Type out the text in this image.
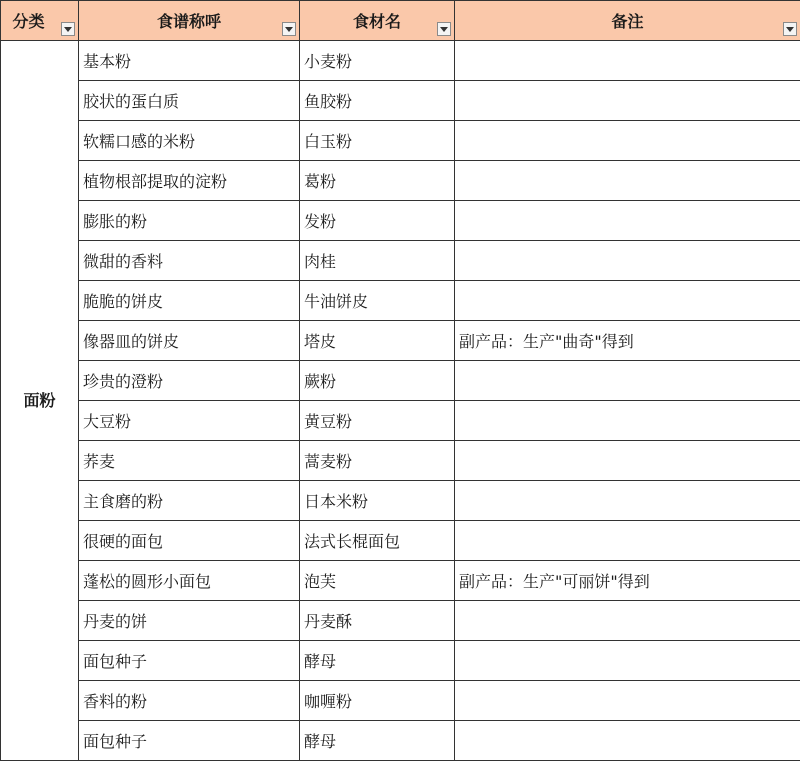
分类	食谱称呼	食材名	备注

面粉	基本粉	小麦粉	
	胶状的蛋白质	鱼胶粉	
	软糯口感的米粉	白玉粉	
	植物根部提取的淀粉	葛粉	
	膨胀的粉	发粉	
	微甜的香料	肉桂	
	脆脆的饼皮	牛油饼皮	
	像器皿的饼皮	塔皮	副产品：生产"曲奇"得到
	珍贵的澄粉	蕨粉	
	大豆粉	黄豆粉	
	荞麦	蒿麦粉	
	主食磨的粉	日本米粉	
	很硬的面包	法式长棍面包	
	蓬松的圆形小面包	泡芙	副产品：生产"可丽饼"得到
	丹麦的饼	丹麦酥	
	面包种子	酵母	
	香料的粉	咖喱粉	
	面包种子	酵母	
